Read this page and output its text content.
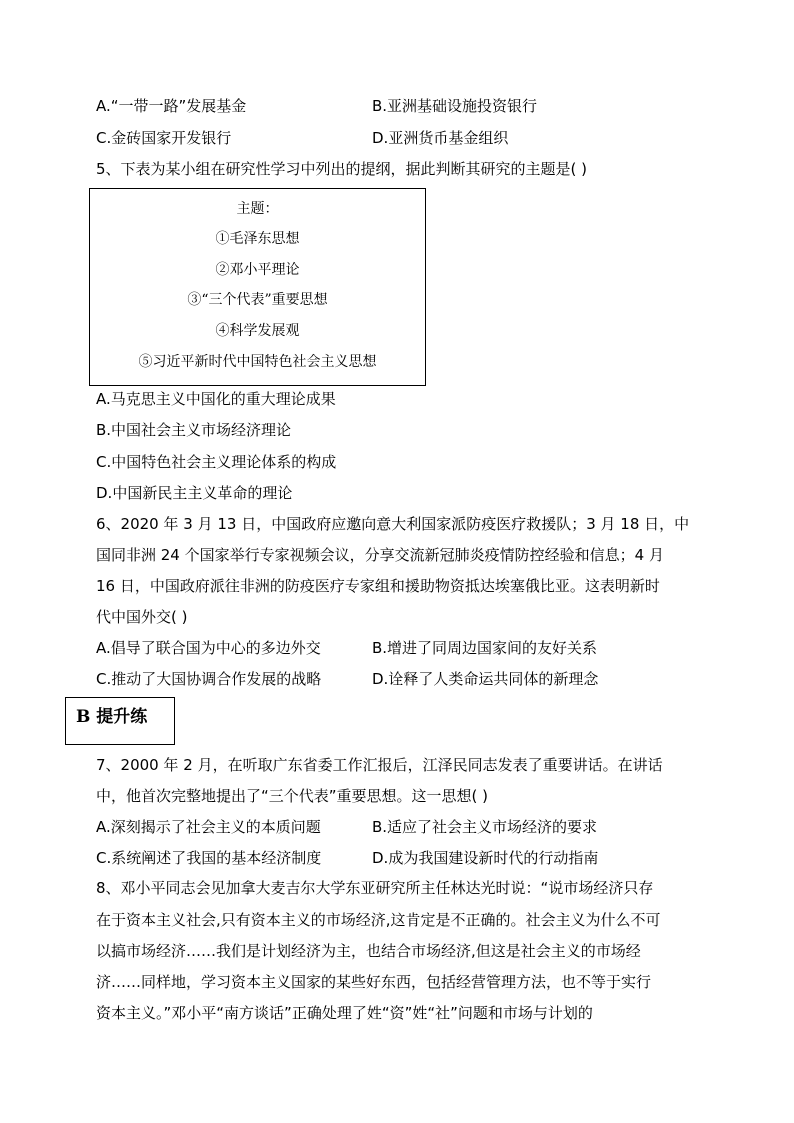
A.“一带一路”发展基金	B.亚洲基础设施投资银行
C.金砖国家开发银行	D.亚洲货币基金组织
5、下表为某小组在研究性学习中列出的提纲，据此判断其研究的主题是( )
主题：
①毛泽东思想
②邓小平理论
③“三个代表”重要思想
④科学发展观
⑤习近平新时代中国特色社会主义思想
A.马克思主义中国化的重大理论成果
B.中国社会主义市场经济理论
C.中国特色社会主义理论体系的构成
D.中国新民主主义革命的理论
6、2020 年 3 月 13 日，中国政府应邀向意大利国家派防疫医疗救援队；3 月 18 日，中
国同非洲 24 个国家举行专家视频会议，分享交流新冠肺炎疫情防控经验和信息；4 月
16 日，中国政府派往非洲的防疫医疗专家组和援助物资抵达埃塞俄比亚。这表明新时
代中国外交( )
A.倡导了联合国为中心的多边外交	B.增进了同周边国家间的友好关系
C.推动了大国协调合作发展的战略	D.诠释了人类命运共同体的新理念
B 提升练
7、2000 年 2 月，在听取广东省委工作汇报后，江泽民同志发表了重要讲话。在讲话
中，他首次完整地提出了“三个代表”重要思想。这一思想( )
A.深刻揭示了社会主义的本质问题	B.适应了社会主义市场经济的要求
C.系统阐述了我国的基本经济制度	D.成为我国建设新时代的行动指南
8、邓小平同志会见加拿大麦吉尔大学东亚研究所主任林达光时说：“说市场经济只存
在于资本主义社会,只有资本主义的市场经济,这肯定是不正确的。社会主义为什么不可
以搞市场经济……我们是计划经济为主，也结合市场经济,但这是社会主义的市场经
济……同样地，学习资本主义国家的某些好东西，包括经营管理方法，也不等于实行
资本主义。”邓小平“南方谈话”正确处理了姓“资”姓“社”问题和市场与计划的
